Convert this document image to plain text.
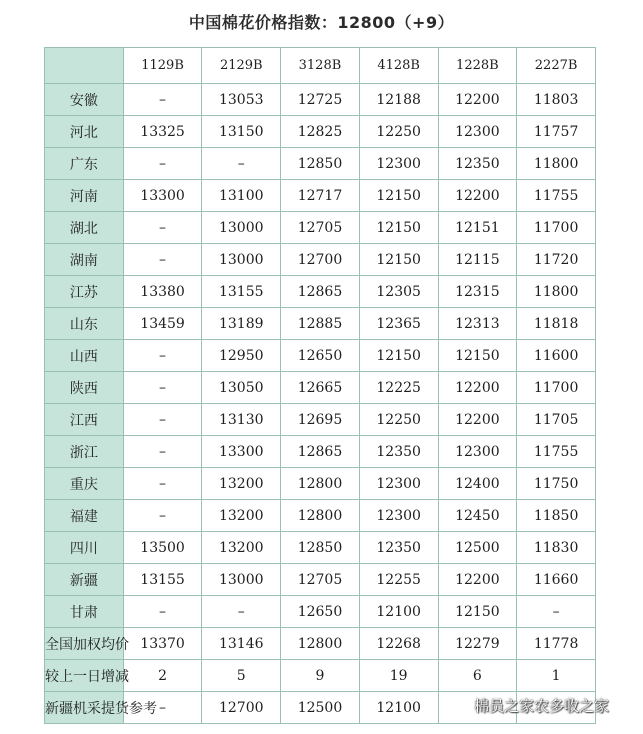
中国棉花价格指数：12800（+9）
	1129B	2129B	3128B	4128B	1228B	2227B
安徽	–	13053	12725	12188	12200	11803
河北	13325	13150	12825	12250	12300	11757
广东	–	–	12850	12300	12350	11800
河南	13300	13100	12717	12150	12200	11755
湖北	–	13000	12705	12150	12151	11700
湖南	–	13000	12700	12150	12115	11720
江苏	13380	13155	12865	12305	12315	11800
山东	13459	13189	12885	12365	12313	11818
山西	–	12950	12650	12150	12150	11600
陕西	–	13050	12665	12225	12200	11700
江西	–	13130	12695	12250	12200	11705
浙江	–	13300	12865	12350	12300	11755
重庆	–	13200	12800	12300	12400	11750
福建	–	13200	12800	12300	12450	11850
四川	13500	13200	12850	12350	12500	11830
新疆	13155	13000	12705	12255	12200	11660
甘肃	–	–	12650	12100	12150	–
全国加权均价	13370	13146	12800	12268	12279	11778
较上一日增减	2	5	9	19	6	1
新疆机采提货参考	–	12700	12500	12100			棉员之家农多收之家
